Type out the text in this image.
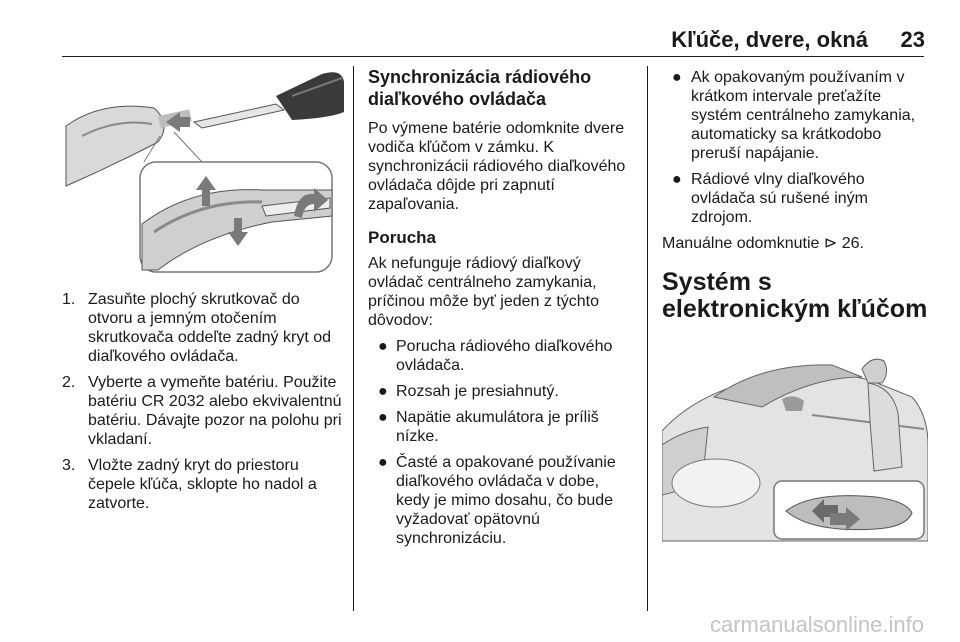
Kľúče, dvere, okná 23
1. Zasuňte plochý skrutkovač do otvoru a jemným otočením skrutkovača oddeľte zadný kryt od diaľkového ovládača.
2. Vyberte a vymeňte batériu. Použite batériu CR 2032 alebo ekvivalentnú batériu. Dávajte pozor na polohu pri vkladaní.
3. Vložte zadný kryt do priestoru čepele kľúča, sklopte ho nadol a zatvorte.
Synchronizácia rádiového diaľkového ovládača

Po výmene batérie odomknite dvere vodiča kľúčom v zámku. K synchronizácii rádiového diaľkového ovládača dôjde pri zapnutí zapaľovania.

Porucha

Ak nefunguje rádiový diaľkový ovládač centrálneho zamykania, príčinou môže byť jeden z týchto dôvodov:

● Porucha rádiového diaľkového ovládača.
● Rozsah je presiahnutý.
● Napätie akumulátora je príliš nízke.
● Časté a opakované používanie diaľkového ovládača v dobe, kedy je mimo dosahu, čo bude vyžadovať opätovnú synchronizáciu.
● Ak opakovaným používaním v krátkom intervale preťažíte systém centrálneho zamykania, automaticky sa krátkodobo preruší napájanie.
● Rádiové vlny diaľkového ovládača sú rušené iným zdrojom.

Manuálne odomknutie ⊳ 26.

Systém s elektronickým kľúčom
carmanualsonline.info
